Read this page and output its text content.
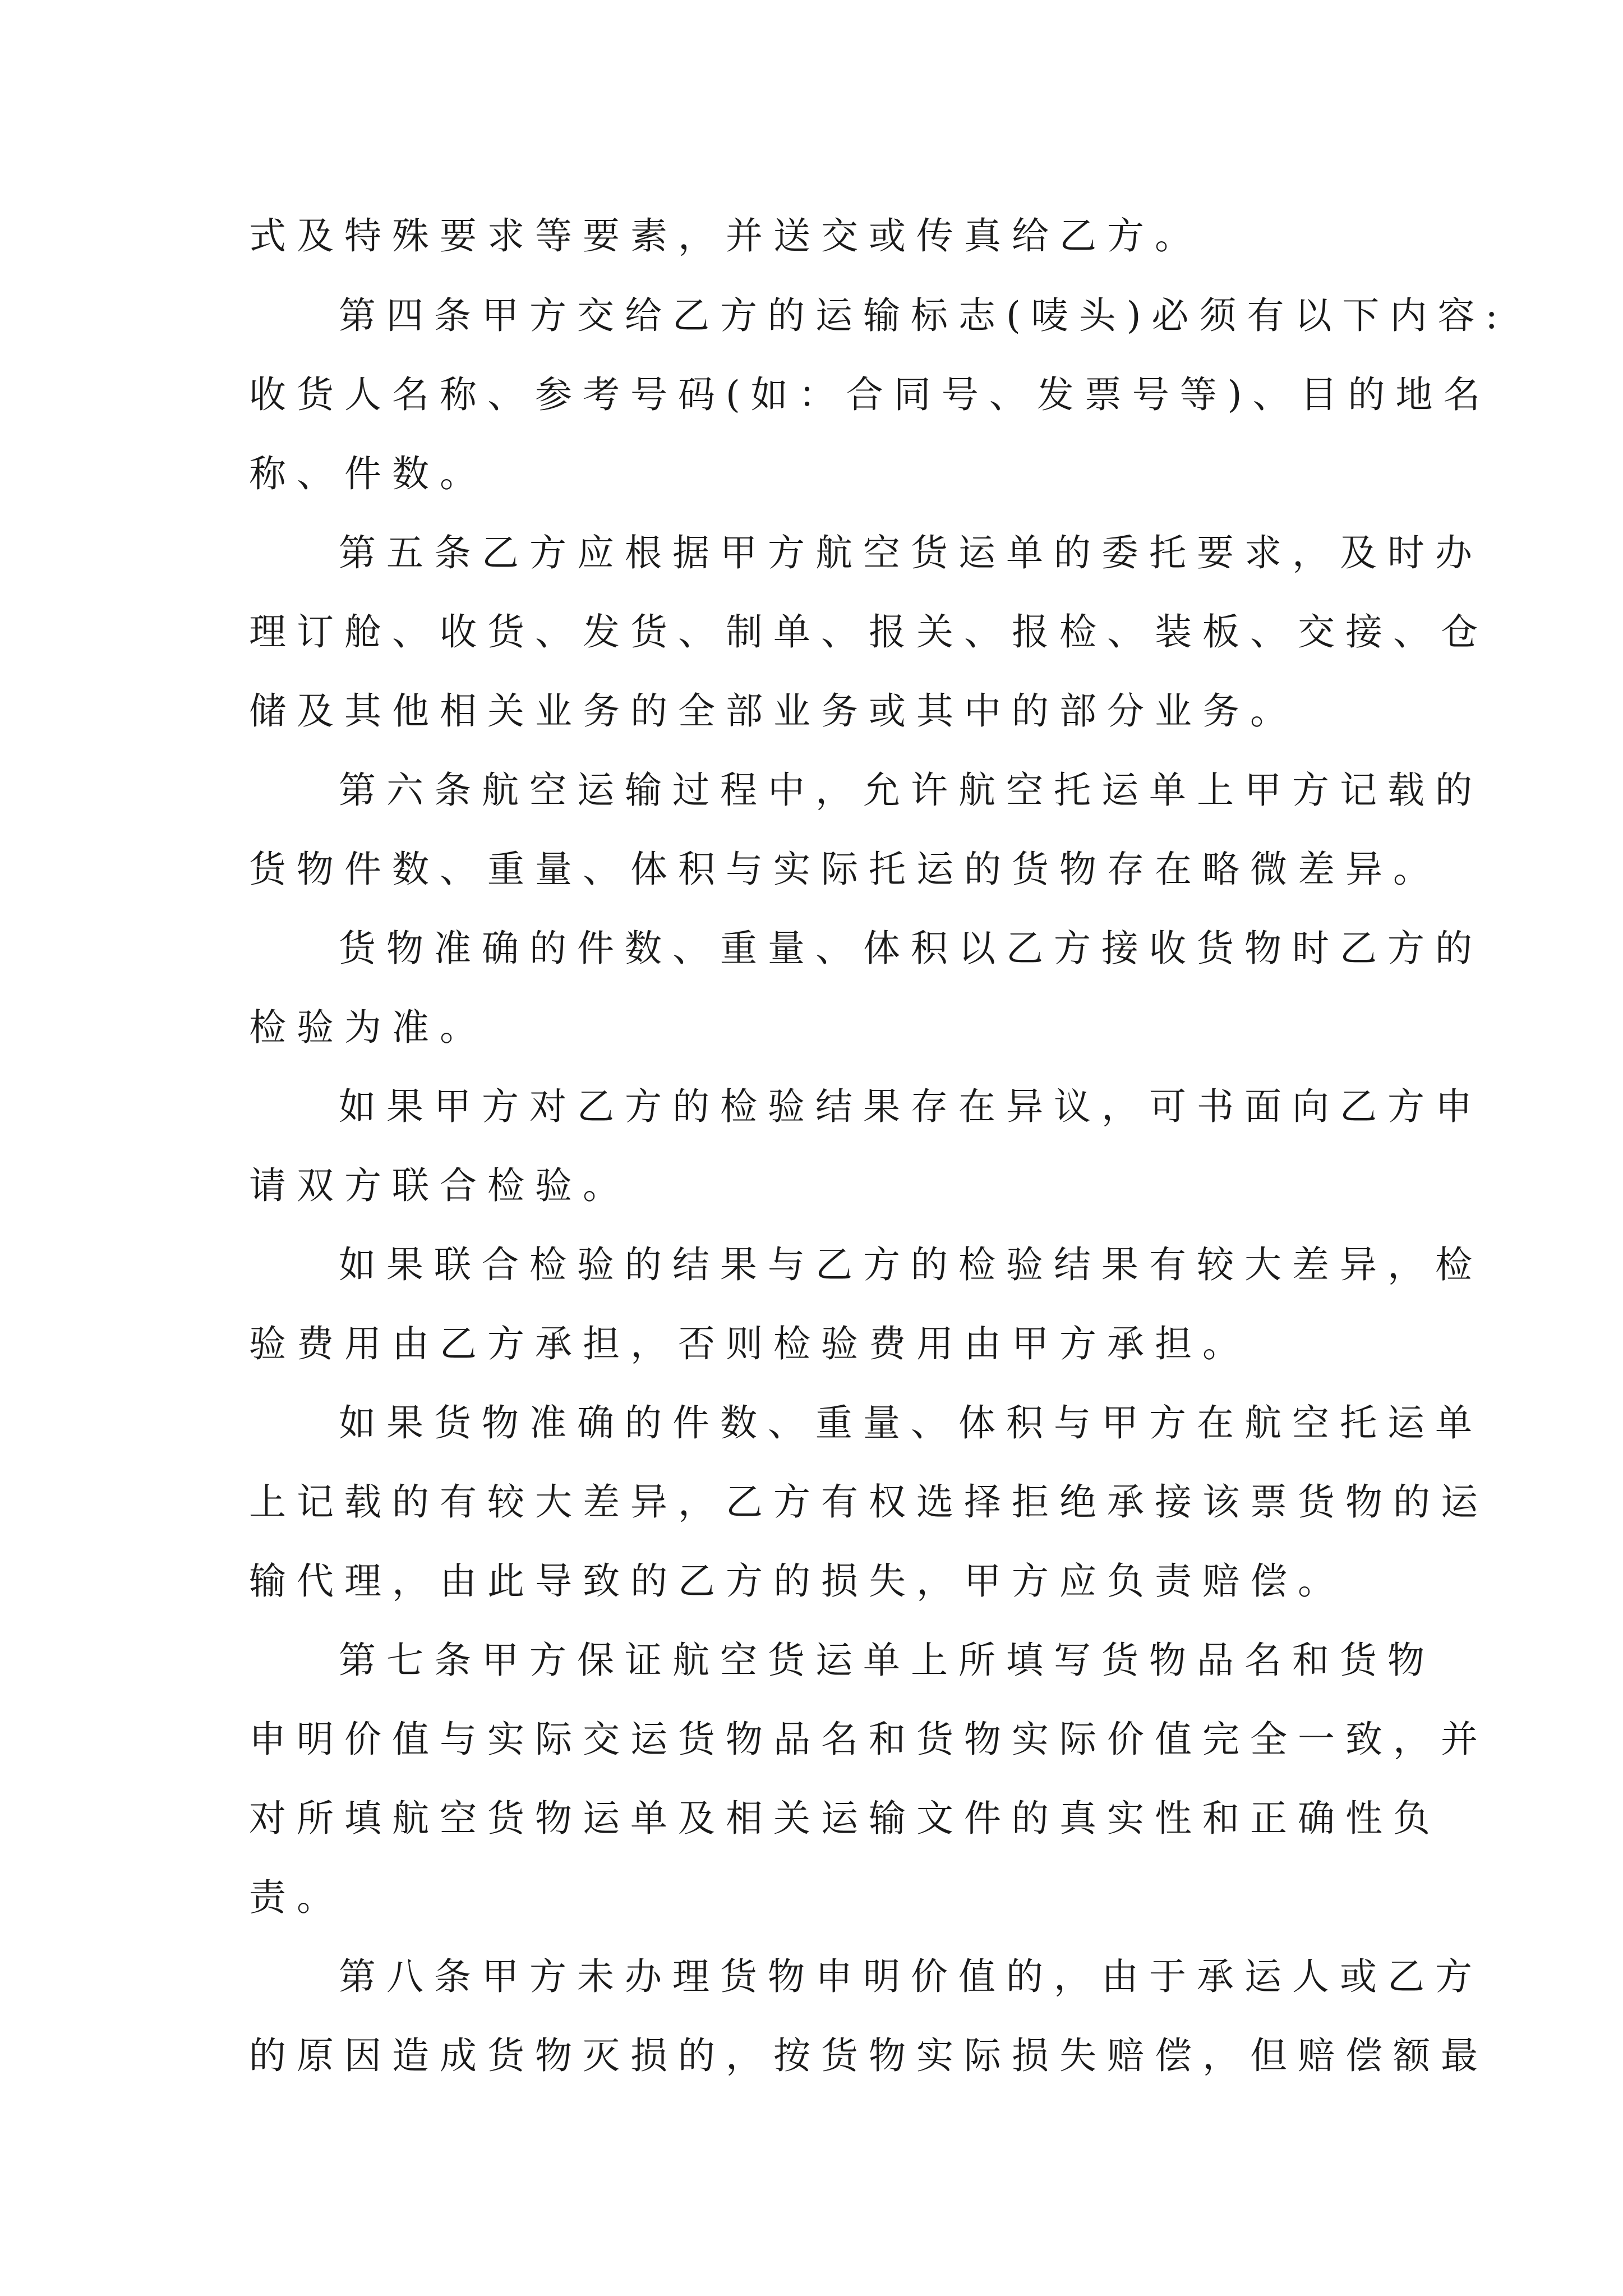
式及特殊要求等要素，并送交或传真给乙方。
第四条甲方交给乙方的运输标志(唛头)必须有以下内容:
收货人名称、参考号码(如：合同号、发票号等)、目的地名
称、件数。
第五条乙方应根据甲方航空货运单的委托要求，及时办
理订舱、收货、发货、制单、报关、报检、装板、交接、仓
储及其他相关业务的全部业务或其中的部分业务。
第六条航空运输过程中，允许航空托运单上甲方记载的
货物件数、重量、体积与实际托运的货物存在略微差异。
货物准确的件数、重量、体积以乙方接收货物时乙方的
检验为准。
如果甲方对乙方的检验结果存在异议，可书面向乙方申
请双方联合检验。
如果联合检验的结果与乙方的检验结果有较大差异，检
验费用由乙方承担，否则检验费用由甲方承担。
如果货物准确的件数、重量、体积与甲方在航空托运单
上记载的有较大差异，乙方有权选择拒绝承接该票货物的运
输代理，由此导致的乙方的损失，甲方应负责赔偿。
第七条甲方保证航空货运单上所填写货物品名和货物
申明价值与实际交运货物品名和货物实际价值完全一致，并
对所填航空货物运单及相关运输文件的真实性和正确性负
责。
第八条甲方未办理货物申明价值的，由于承运人或乙方
的原因造成货物灭损的，按货物实际损失赔偿，但赔偿额最
